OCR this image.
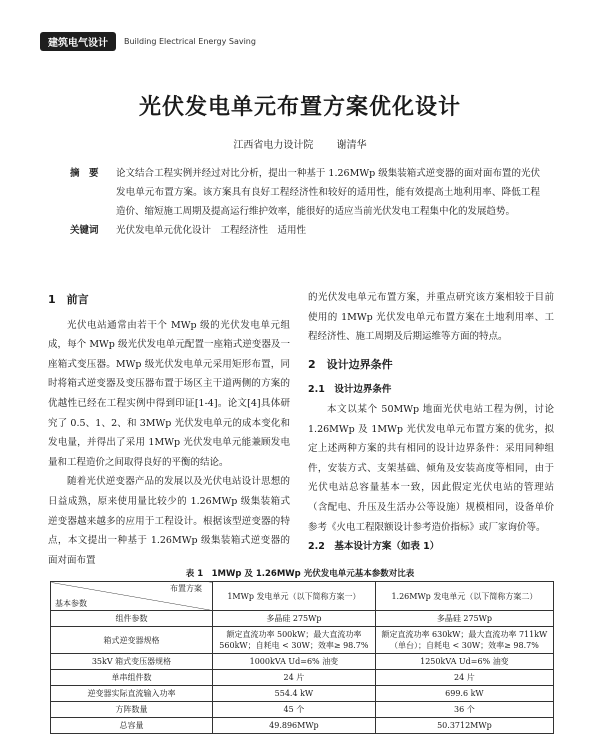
建筑电气设计	Building Electrical Energy Saving
光伏发电单元布置方案优化设计
江西省电力设计院 谢清华
摘　要	论文结合工程实例并经过对比分析，提出一种基于 1.26MWp 级集装箱式逆变器的面对面布置的光伏发电单元布置方案。该方案具有良好工程经济性和较好的适用性，能有效提高土地利用率、降低工程造价、缩短施工周期及提高运行维护效率，能很好的适应当前光伏发电工程集中化的发展趋势。
关键词	光伏发电单元优化设计　工程经济性　适用性
1　前言

光伏电站通常由若干个 MWp 级的光伏发电单元组成，每个 MWp 级光伏发电单元配置一座箱式逆变器及一座箱式变压器。MWp 级光伏发电单元采用矩形布置，同时将箱式逆变器及变压器布置于场区主干道两侧的方案的优越性已经在工程实例中得到印证[1-4]。论文[4]具体研究了 0.5、1、2、和 3MWp 光伏发电单元的成本变化和发电量，并得出了采用 1MWp 光伏发电单元能兼顾发电量和工程造价之间取得良好的平衡的结论。

随着光伏逆变器产品的发展以及光伏电站设计思想的日益成熟，原来使用量比较少的 1.26MWp 级集装箱式逆变器越来越多的应用于工程设计。根据该型逆变器的特点，本文提出一种基于 1.26MWp 级集装箱式逆变器的面对面布置

的光伏发电单元布置方案，并重点研究该方案相较于目前使用的 1MWp 光伏发电单元布置方案在土地利用率、工程经济性、施工周期及后期运维等方面的特点。

2　设计边界条件
2.1　设计边界条件

本文以某个 50MWp 地面光伏电站工程为例，讨论 1.26MWp 及 1MWp 光伏发电单元布置方案的优劣，拟定上述两种方案的共有相同的设计边界条件：采用同种组件，安装方式、支架基础、倾角及安装高度等相同，由于光伏电站总容量基本一致，因此假定光伏电站的管理站（含配电、升压及生活办公等设施）规模相同，设备单价参考《火电工程限额设计参考造价指标》或厂家询价等。

2.2　基本设计方案（如表 1）
表 1　1MWp 及 1.26MWp 光伏发电单元基本参数对比表
布置方案
基本参数	1MWp 发电单元（以下简称方案一）	1.26MWp 发电单元（以下简称方案二）
组件参数	多晶硅 275Wp	多晶硅 275Wp
箱式逆变器规格	额定直流功率 500kW；最大直流功率 560kW；自耗电 < 30W；效率≥ 98.7%	额定直流功率 630kW；最大直流功率 711kW（单台）；自耗电 < 30W；效率≥ 98.7%
35kV 箱式变压器规格	1000kVA Ud=6% 油变	1250kVA Ud=6% 油变
单串组件数	24 片	24 片
逆变器实际直流输入功率	554.4 kW	699.6 kW
方阵数量	45 个	36 个
总容量	49.896MWp	50.3712MWp
